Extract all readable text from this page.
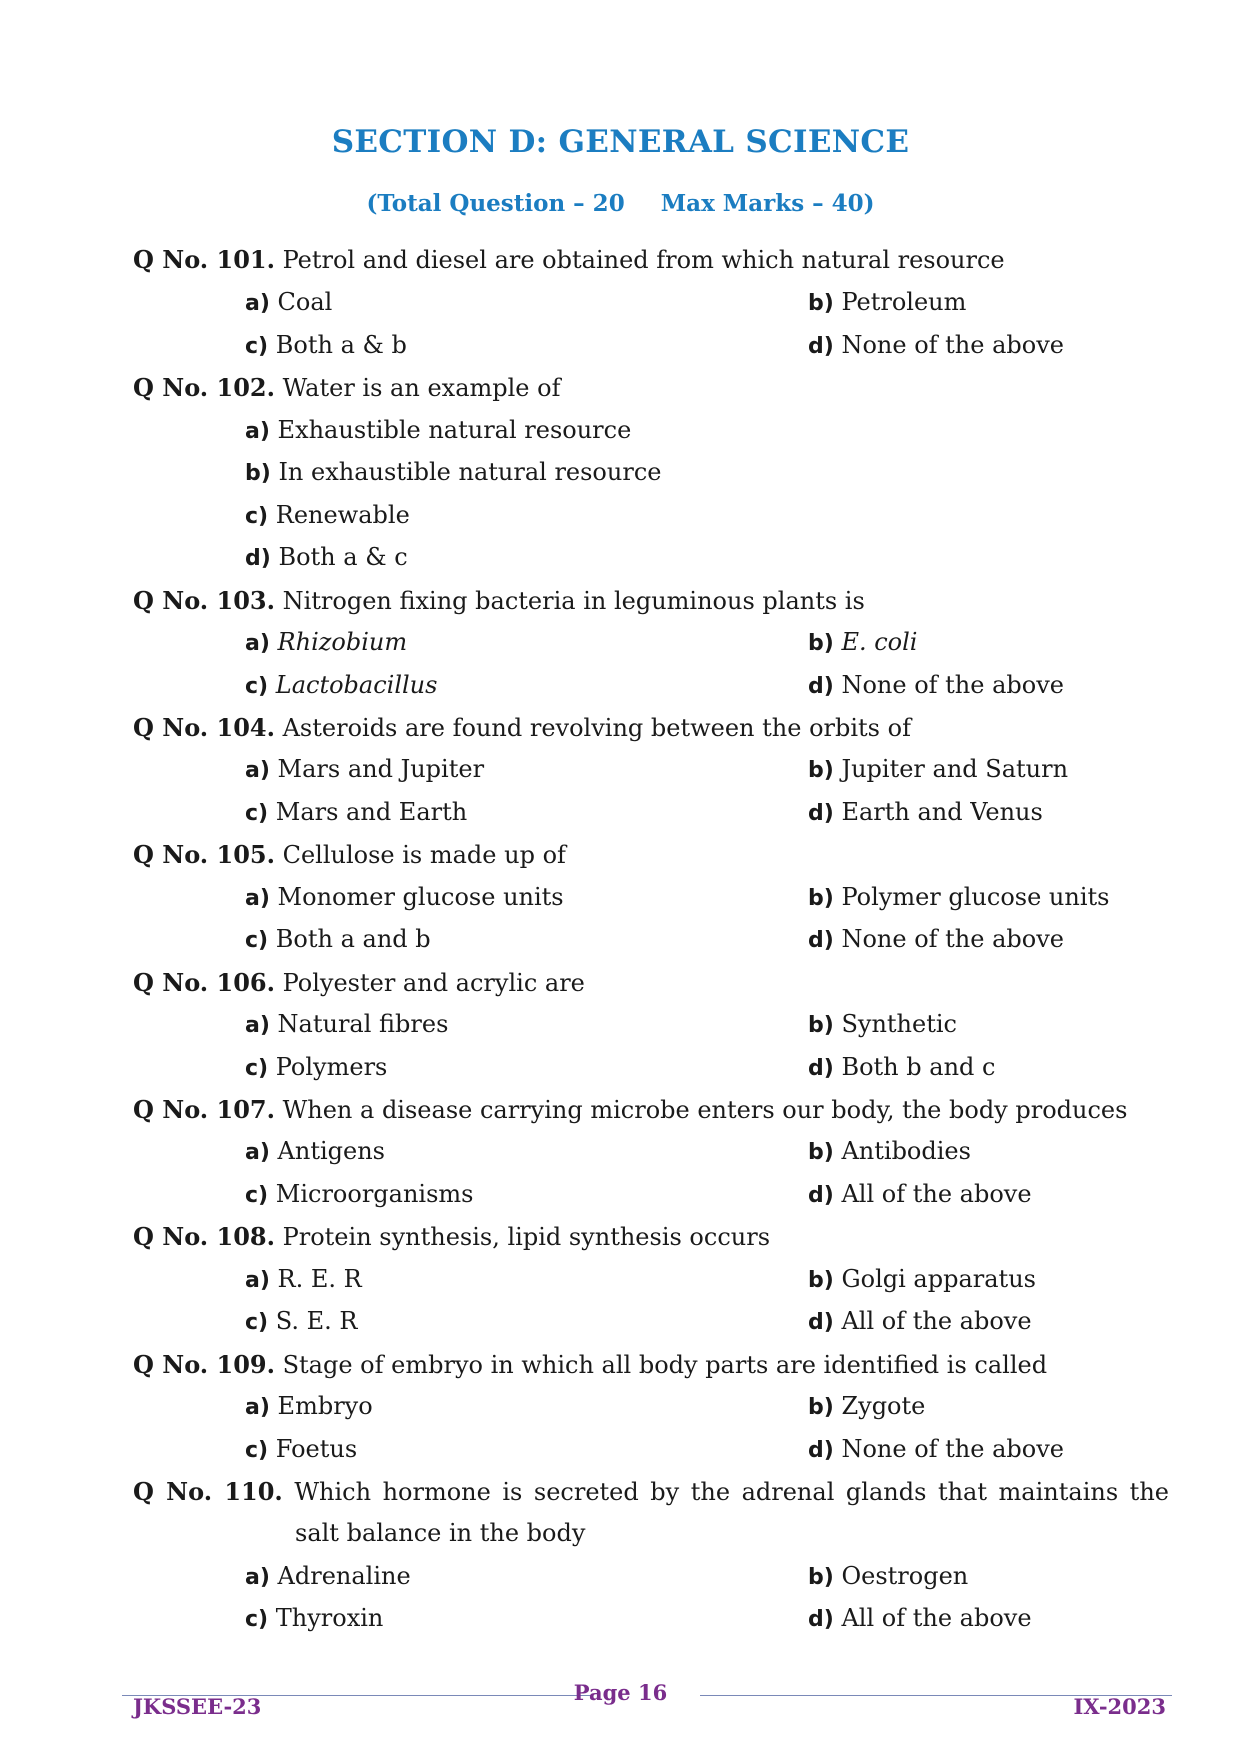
SECTION D: GENERAL SCIENCE
(Total Question – 20 Max Marks – 40)
Q No. 101. Petrol and diesel are obtained from which natural resource
a) Coal	b) Petroleum
c) Both a & b	d) None of the above
Q No. 102. Water is an example of
a) Exhaustible natural resource
b) In exhaustible natural resource
c) Renewable
d) Both a & c
Q No. 103. Nitrogen fixing bacteria in leguminous plants is
a) Rhizobium	b) E. coli
c) Lactobacillus	d) None of the above
Q No. 104. Asteroids are found revolving between the orbits of
a) Mars and Jupiter	b) Jupiter and Saturn
c) Mars and Earth	d) Earth and Venus
Q No. 105. Cellulose is made up of
a) Monomer glucose units	b) Polymer glucose units
c) Both a and b	d) None of the above
Q No. 106. Polyester and acrylic are
a) Natural fibres	b) Synthetic
c) Polymers	d) Both b and c
Q No. 107. When a disease carrying microbe enters our body, the body produces
a) Antigens	b) Antibodies
c) Microorganisms	d) All of the above
Q No. 108. Protein synthesis, lipid synthesis occurs
a) R. E. R	b) Golgi apparatus
c) S. E. R	d) All of the above
Q No. 109. Stage of embryo in which all body parts are identified is called
a) Embryo	b) Zygote
c) Foetus	d) None of the above
Q No. 110. Which hormone is secreted by the adrenal glands that maintains the
salt balance in the body
a) Adrenaline	b) Oestrogen
c) Thyroxin	d) All of the above
JKSSEE-23
Page 16
IX-2023
